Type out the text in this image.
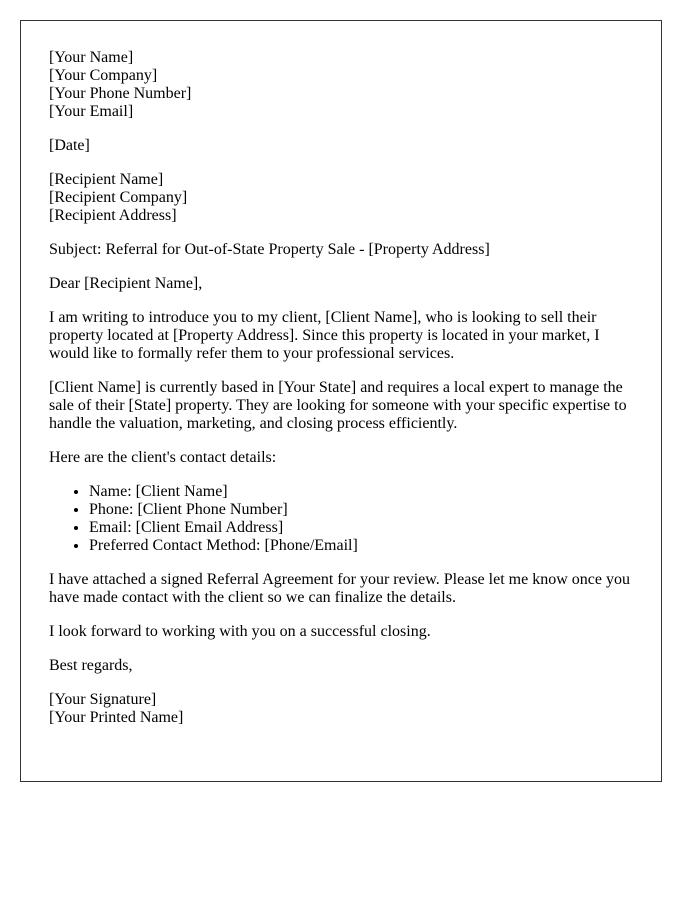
[Your Name]
[Your Company]
[Your Phone Number]
[Your Email]

[Date]

[Recipient Name]
[Recipient Company]
[Recipient Address]

Subject: Referral for Out-of-State Property Sale - [Property Address]

Dear [Recipient Name],

I am writing to introduce you to my client, [Client Name], who is looking to sell their property located at [Property Address]. Since this property is located in your market, I would like to formally refer them to your professional services.

[Client Name] is currently based in [Your State] and requires a local expert to manage the sale of their [State] property. They are looking for someone with your specific expertise to handle the valuation, marketing, and closing process efficiently.

Here are the client's contact details:

• Name: [Client Name]
• Phone: [Client Phone Number]
• Email: [Client Email Address]
• Preferred Contact Method: [Phone/Email]

I have attached a signed Referral Agreement for your review. Please let me know once you have made contact with the client so we can finalize the details.

I look forward to working with you on a successful closing.

Best regards,

[Your Signature]
[Your Printed Name]
